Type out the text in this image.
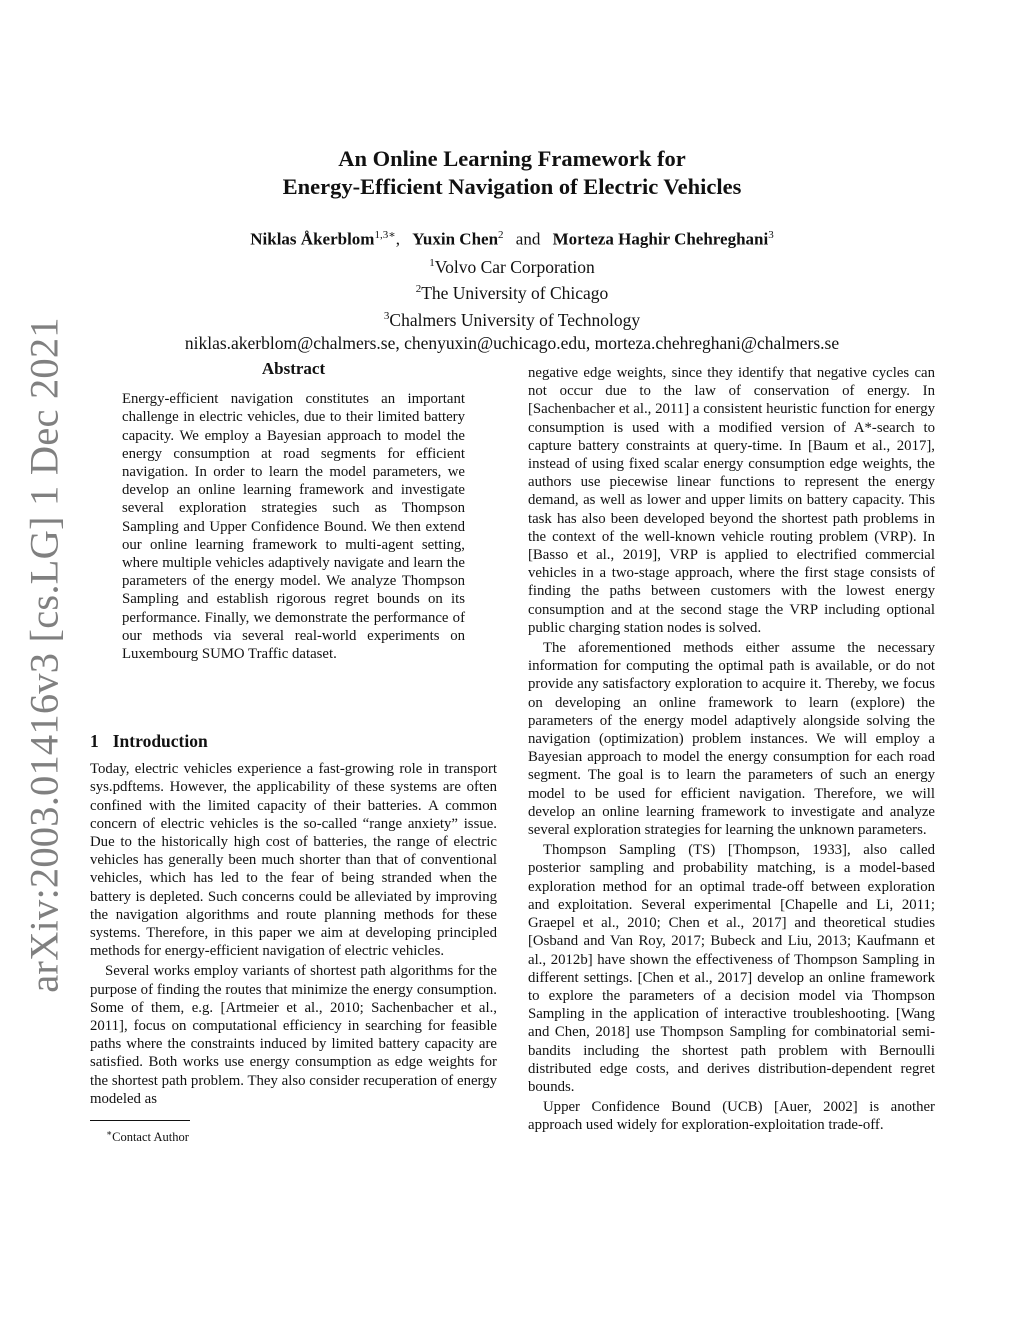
arXiv:2003.01416v3 [cs.LG] 1 Dec 2021
An Online Learning Framework for
Energy-Efficient Navigation of Electric Vehicles
Niklas Åkerblom$^{1,3∗}$, Yuxin Chen$^2$ and Morteza Haghir Chehreghani$^3$
$^1$Volvo Car Corporation
$^2$The University of Chicago
$^3$Chalmers University of Technology
niklas.akerblom@chalmers.se, chenyuxin@uchicago.edu, morteza.chehreghani@chalmers.se
Abstract

Energy-efficient navigation constitutes an important challenge in electric vehicles, due to their limited battery capacity. We employ a Bayesian approach to model the energy consumption at road segments for efficient navigation. In order to learn the model parameters, we develop an online learning framework and investigate several exploration strategies such as Thompson Sampling and Upper Confidence Bound. We then extend our online learning framework to multi-agent setting, where multiple vehicles adaptively navigate and learn the parameters of the energy model. We analyze Thompson Sampling and establish rigorous regret bounds on its performance. Finally, we demonstrate the performance of our methods via several real-world experiments on Luxembourg SUMO Traffic dataset.

1 Introduction

Today, electric vehicles experience a fast-growing role in transport sys.pdftems. However, the applicability of these systems are often confined with the limited capacity of their batteries. A common concern of electric vehicles is the so-called “range anxiety” issue. Due to the historically high cost of batteries, the range of electric vehicles has generally been much shorter than that of conventional vehicles, which has led to the fear of being stranded when the battery is depleted. Such concerns could be alleviated by improving the navigation algorithms and route planning methods for these systems. Therefore, in this paper we aim at developing principled methods for energy-efficient navigation of electric vehicles.

Several works employ variants of shortest path algorithms for the purpose of finding the routes that minimize the energy consumption. Some of them, e.g. [Artmeier et al., 2010; Sachenbacher et al., 2011], focus on computational efficiency in searching for feasible paths where the constraints induced by limited battery capacity are satisfied. Both works use energy consumption as edge weights for the shortest path problem. They also consider recuperation of energy modeled as

∗Contact Author

negative edge weights, since they identify that negative cycles can not occur due to the law of conservation of energy. In [Sachenbacher et al., 2011] a consistent heuristic function for energy consumption is used with a modified version of A*-search to capture battery constraints at query-time. In [Baum et al., 2017], instead of using fixed scalar energy consumption edge weights, the authors use piecewise linear functions to represent the energy demand, as well as lower and upper limits on battery capacity. This task has also been developed beyond the shortest path problems in the context of the well-known vehicle routing problem (VRP). In [Basso et al., 2019], VRP is applied to electrified commercial vehicles in a two-stage approach, where the first stage consists of finding the paths between customers with the lowest energy consumption and at the second stage the VRP including optional public charging station nodes is solved.

The aforementioned methods either assume the necessary information for computing the optimal path is available, or do not provide any satisfactory exploration to acquire it. Thereby, we focus on developing an online framework to learn (explore) the parameters of the energy model adaptively alongside solving the navigation (optimization) problem instances. We will employ a Bayesian approach to model the energy consumption for each road segment. The goal is to learn the parameters of such an energy model to be used for efficient navigation. Therefore, we will develop an online learning framework to investigate and analyze several exploration strategies for learning the unknown parameters.

Thompson Sampling (TS) [Thompson, 1933], also called posterior sampling and probability matching, is a model-based exploration method for an optimal trade-off between exploration and exploitation. Several experimental [Chapelle and Li, 2011; Graepel et al., 2010; Chen et al., 2017] and theoretical studies [Osband and Van Roy, 2017; Bubeck and Liu, 2013; Kaufmann et al., 2012b] have shown the effectiveness of Thompson Sampling in different settings. [Chen et al., 2017] develop an online framework to explore the parameters of a decision model via Thompson Sampling in the application of interactive troubleshooting. [Wang and Chen, 2018] use Thompson Sampling for combinatorial semi-bandits including the shortest path problem with Bernoulli distributed edge costs, and derives distribution-dependent regret bounds.

Upper Confidence Bound (UCB) [Auer, 2002] is another approach used widely for exploration-exploitation trade-off.
